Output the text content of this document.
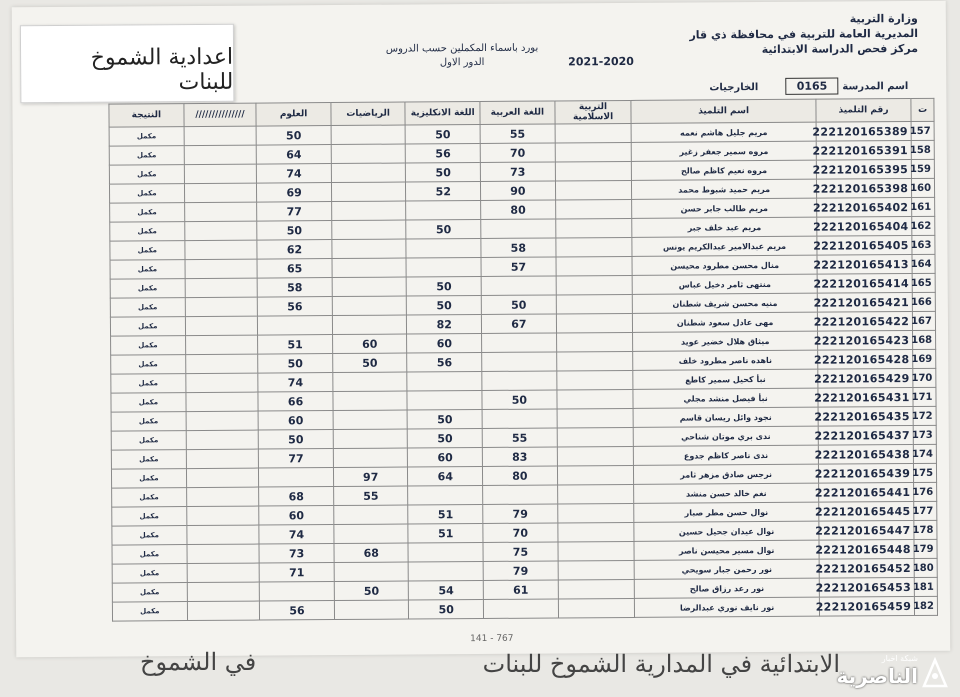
وزارة التربية
المديرية العامة للتربية في محافظة ذي قار
مركز فحص الدراسة الابتدائية
بورد باسماء المكملين حسب الدروس
الدور الاول	2021-2020
اعدادية الشموخ للبنات	اسم المدرسة
0165
الخارجيات
ت	رقم التلميذ	اسم التلميذ	التربية الاسلامية	اللغة العربية	اللغة الانكليزية	الرياضيات	العلوم	///////////////	النتيجة
157	222120165389	مريم جليل هاشم نعمه		55	50		50		مكمل
158	222120165391	مروه سمير جعفر زغير		70	56		64		مكمل
159	222120165395	مروه نعيم كاظم صالح		73	50		74		مكمل
160	222120165398	مريم حميد شبوط محمد		90	52		69		مكمل
161	222120165402	مريم طالب جابر حسن		80			77		مكمل
162	222120165404	مريم عبد خلف جبر			50		50		مكمل
163	222120165405	مريم عبدالامير عبدالكريم يونس		58			62		مكمل
164	222120165413	منال محسن مطرود محيسن		57			65		مكمل
165	222120165414	منتهى ثامر دخيل عباس			50		58		مكمل
166	222120165421	منيه محسن شريف شطنان		50	50		56		مكمل
167	222120165422	مهى عادل سعود شطنان		67	82				مكمل
168	222120165423	ميثاق هلال خضير عويد			60	60	51		مكمل
169	222120165428	ناهده ناصر مطرود خلف			56	50	50		مكمل
170	222120165429	نبأ كحيل سمير كاطع					74		مكمل
171	222120165431	نبأ فيصل منشد مجلي		50			66		مكمل
172	222120165435	نجود وائل ريسان قاسم			50		60		مكمل
173	222120165437	ندى بري موتان شناحي		55	50		50		مكمل
174	222120165438	ندى ناصر كاظم جدوع		83	60		77		مكمل
175	222120165439	نرجس صادق مزهر ثامر		80	64	97			مكمل
176	222120165441	نغم خالد حسن منشد				55	68		مكمل
177	222120165445	نوال حسن مطر صبار		79	51		60		مكمل
178	222120165447	نوال عيدان جحيل حسين		70	51		74		مكمل
179	222120165448	نوال مسير محيسن ناصر		75		68	73		مكمل
180	222120165452	نور رحمن جبار سويحي		79			71		مكمل
181	222120165453	نور رعد رزاق صالح		61	54	50			مكمل
182	222120165459	نور نايف نوري عبدالرضا			50		56		مكمل
141 - 767
الابتدائية في المدارية الشموخ للبنات
في الشموخ	شبكة اخبار
الناصرية
